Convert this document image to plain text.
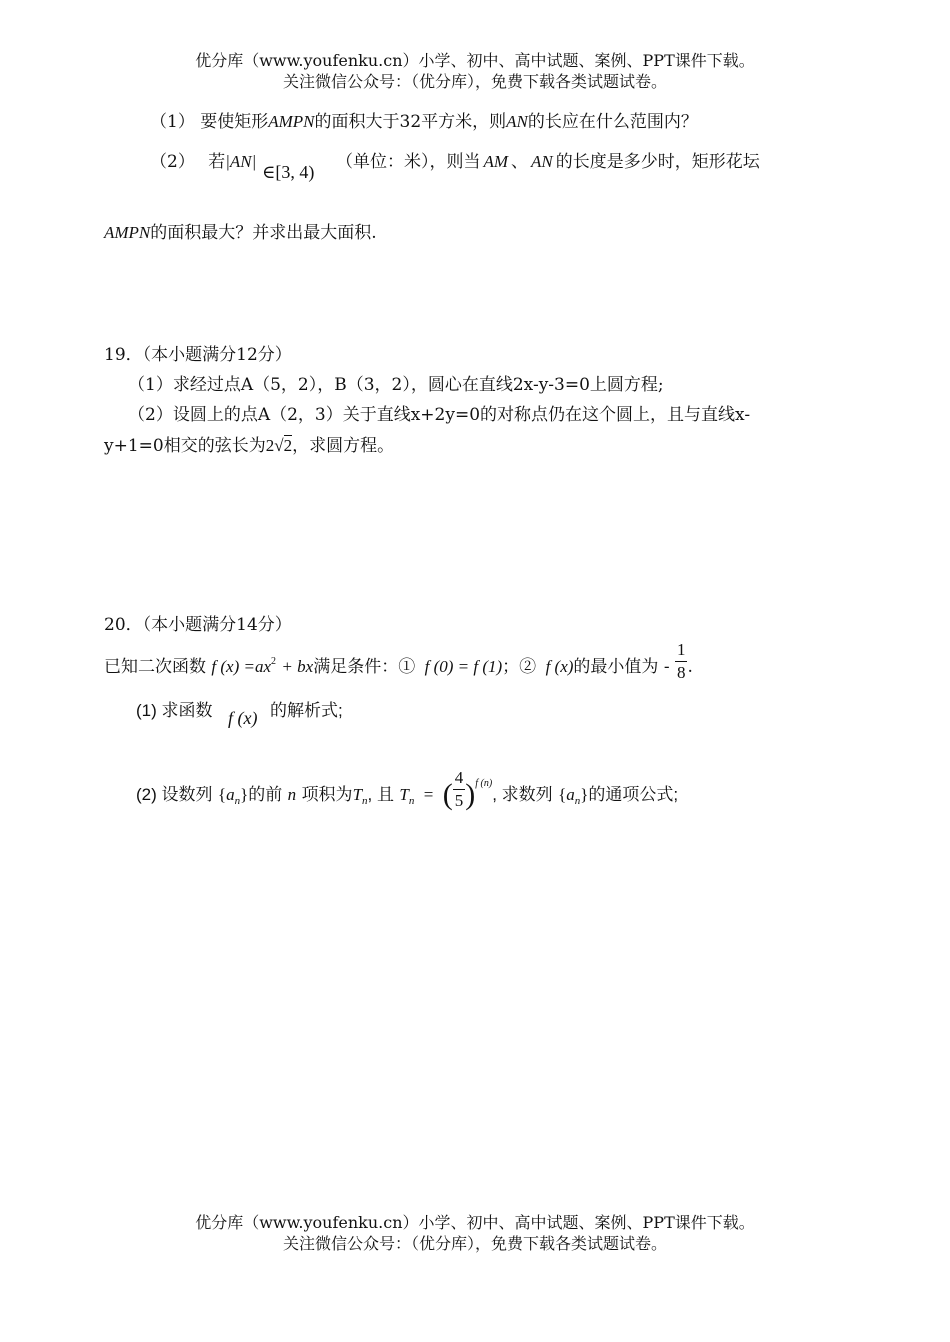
优分库（www.youfenku.cn）小学、初中、高中试题、案例、PPT课件下载。
关注微信公众号：（优分库），免费下载各类试题试卷。
（1） 要使矩形AMPN的面积大于32平方米，则AN的长应在什么范围内？
（2） 若|AN|
∈[3, 4) （单位：米），则当 AM 、 AN 的长度是多少时，矩形花坛
AMPN的面积最大？并求出最大面积.
19．（本小题满分12分）
（1）求经过点A（5，2），B（3，2），圆心在直线2x-y-3=0上圆方程;
（2）设圆上的点A（2，3）关于直线x+2y=0的对称点仍在这个圆上，且与直线x-
y+1=0相交的弦长为2√2，求圆方程。
20．（本小题满分14分）
已知二次函数 f $(x) =ax^2$ + bx满足条件：① f (0) = f (1)；② f (x)的最小值为 - $\frac{1}{8}$ .
(1) 求函数 f (x) 的解析式;
(2) 设数列 $\{a_n\}$的前 n 项积为$T_n$, 且 $T_n$ = ( $\frac{4}{5} )^{f (n)}$, 求数列 $\{a_n\}$的通项公式;
优分库（www.youfenku.cn）小学、初中、高中试题、案例、PPT课件下载。
关注微信公众号：（优分库），免费下载各类试题试卷。
